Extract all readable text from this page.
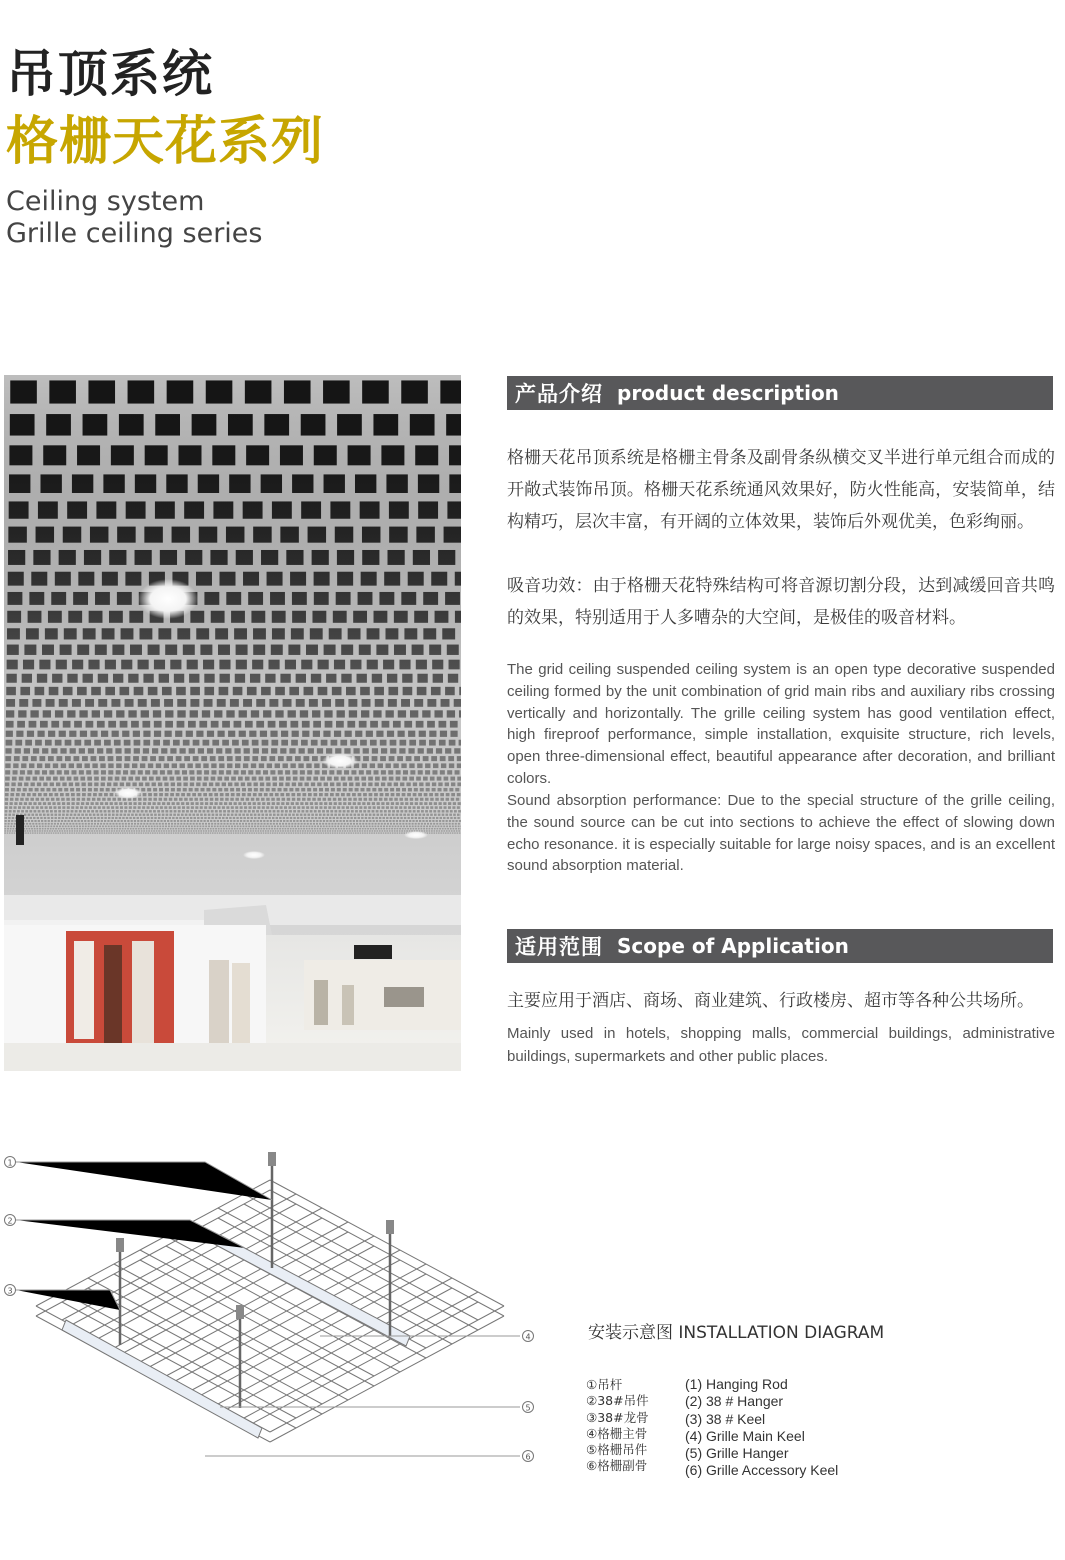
吊顶系统
格栅天花系列
Ceiling system
Grille ceiling series
产品介绍 product description
格栅天花吊顶系统是格栅主骨条及副骨条纵横交叉半进行单元组合而成的开敞式装饰吊顶。格栅天花系统通风效果好，防火性能高，安装简单，结构精巧，层次丰富，有开阔的立体效果，装饰后外观优美，色彩绚丽。
吸音功效：由于格栅天花特殊结构可将音源切割分段，达到减缓回音共鸣的效果，特别适用于人多嘈杂的大空间，是极佳的吸音材料。
The grid ceiling suspended ceiling system is an open type decorative suspended ceiling formed by the unit combination of grid main ribs and auxiliary ribs crossing vertically and horizontally. The grille ceiling system has good ventilation effect, high fireproof performance, simple installation, exquisite structure, rich levels, open three-dimensional effect, beautiful appearance after decoration, and brilliant colors.
Sound absorption performance: Due to the special structure of the grille ceiling, the sound source can be cut into sections to achieve the effect of slowing down echo resonance. it is especially suitable for large noisy spaces, and is an excellent sound absorption material.
适用范围 Scope of Application
主要应用于酒店、商场、商业建筑、行政楼房、超市等各种公共场所。
Mainly used in hotels, shopping malls, commercial buildings, administrative buildings, supermarkets and other public places.
1
2
3
4
5
6
安装示意图 INSTALLATION DIAGRAM
①吊杆
②38#吊件
③38#龙骨
④格栅主骨
⑤格栅吊件
⑥格栅副骨
(1) Hanging Rod
(2) 38 # Hanger
(3) 38 # Keel
(4) Grille Main Keel
(5) Grille Hanger
(6) Grille Accessory Keel
